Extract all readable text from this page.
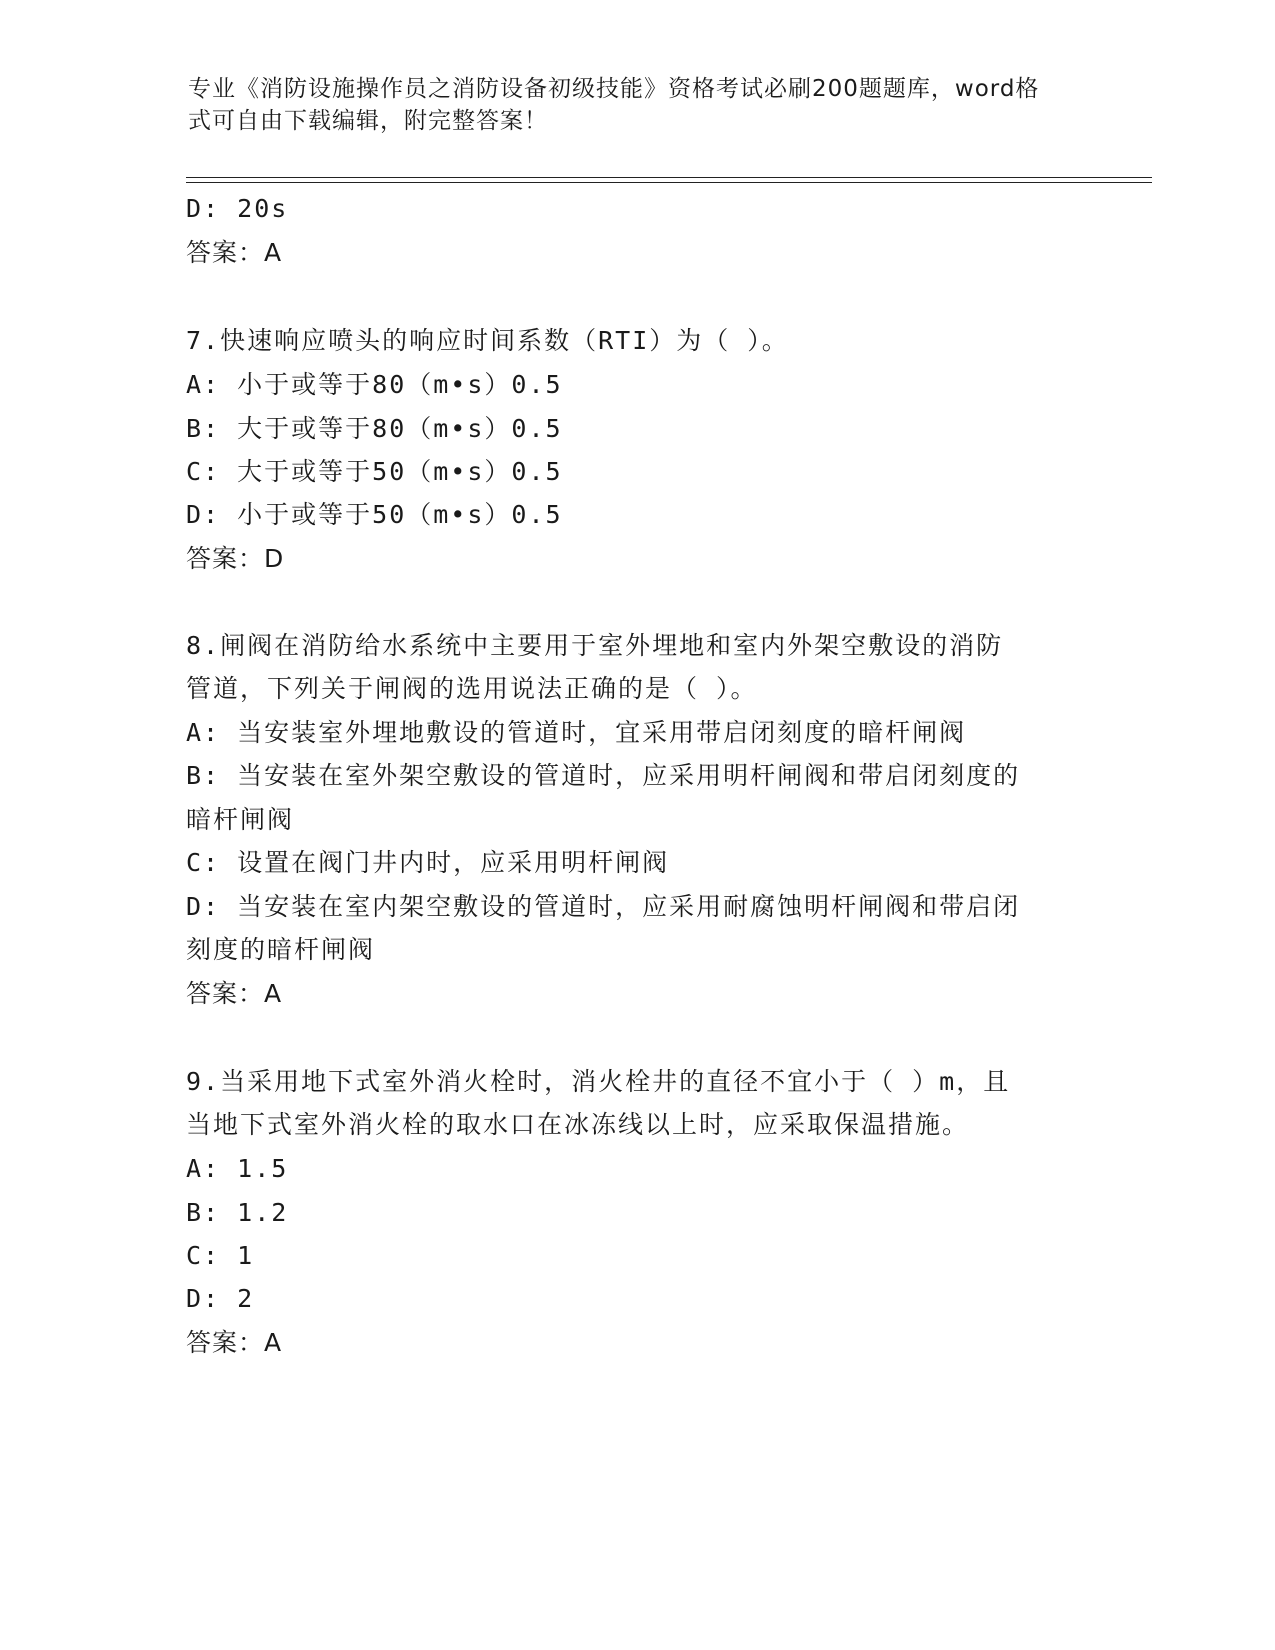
专业《消防设施操作员之消防设备初级技能》资格考试必刷200题题库，word格
式可自由下载编辑，附完整答案！
D: 20s
答案：A
7.快速响应喷头的响应时间系数（RTI）为（ ）。
A: 小于或等于80（m•s）0.5
B: 大于或等于80（m•s）0.5
C: 大于或等于50（m•s）0.5
D: 小于或等于50（m•s）0.5
答案：D
8.闸阀在消防给水系统中主要用于室外埋地和室内外架空敷设的消防
管道，下列关于闸阀的选用说法正确的是（ ）。
A: 当安装室外埋地敷设的管道时，宜采用带启闭刻度的暗杆闸阀
B: 当安装在室外架空敷设的管道时，应采用明杆闸阀和带启闭刻度的
暗杆闸阀
C: 设置在阀门井内时，应采用明杆闸阀
D: 当安装在室内架空敷设的管道时，应采用耐腐蚀明杆闸阀和带启闭
刻度的暗杆闸阀
答案：A
9.当采用地下式室外消火栓时，消火栓井的直径不宜小于（ ）m，且
当地下式室外消火栓的取水口在冰冻线以上时，应采取保温措施。
A: 1.5
B: 1.2
C: 1
D: 2
答案：A
